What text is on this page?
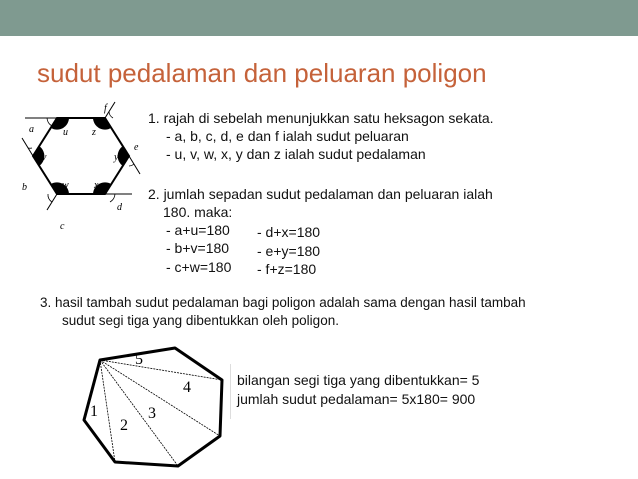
sudut pedalaman dan peluaran poligon
a
b
c
d
e
f
u
v
w	x
y
z
1. rajah di sebelah menunjukkan satu heksagon sekata.
- a, b, c, d, e dan f ialah sudut peluaran
- u, v, w, x, y dan z ialah sudut pedalaman
2. jumlah sepadan sudut pedalaman dan peluaran ialah
180. maka:
- a+u=180
- b+v=180
- c+w=180
- d+x=180
- e+y=180
- f+z=180
3. hasil tambah sudut pedalaman bagi poligon adalah sama dengan hasil tambah
sudut segi tiga yang dibentukkan oleh poligon.
1
2
3
4
5
bilangan segi tiga yang dibentukkan= 5
jumlah sudut pedalaman= 5x180= 900
